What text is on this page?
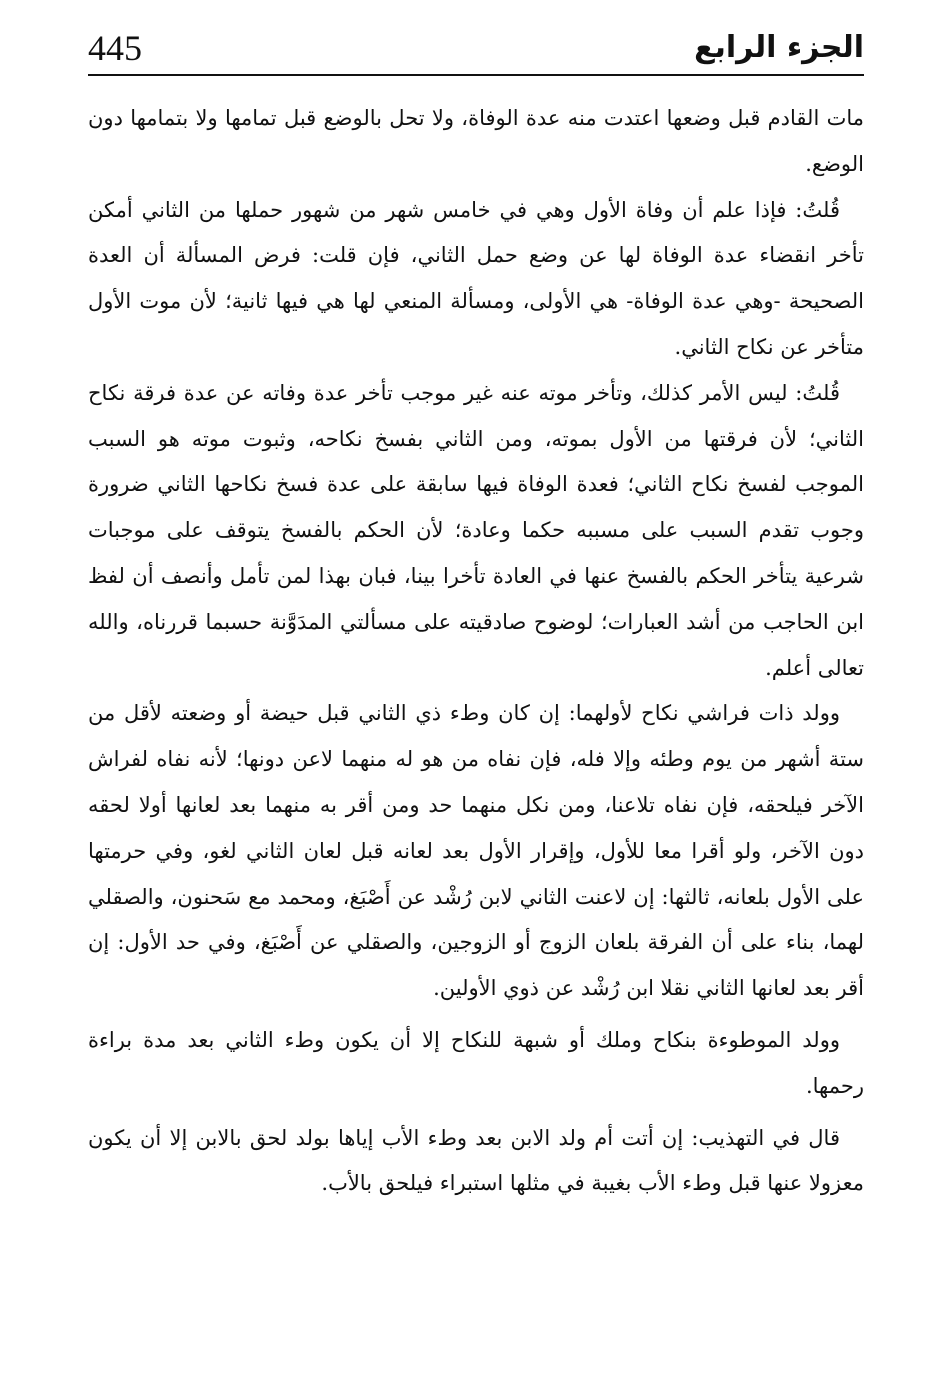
445	الجزء الرابع

مات القادم قبل وضعها اعتدت منه عدة الوفاة، ولا تحل بالوضع قبل تمامها ولا بتمامها دون الوضع.

قُلتُ: فإذا علم أن وفاة الأول وهي في خامس شهر من شهور حملها من الثاني أمكن تأخر انقضاء عدة الوفاة لها عن وضع حمل الثاني، فإن قلت: فرض المسألة أن العدة الصحيحة -وهي عدة الوفاة- هي الأولى، ومسألة المنعي لها هي فيها ثانية؛ لأن موت الأول متأخر عن نكاح الثاني.

قُلتُ: ليس الأمر كذلك، وتأخر موته عنه غير موجب تأخر عدة وفاته عن عدة فرقة نكاح الثاني؛ لأن فرقتها من الأول بموته، ومن الثاني بفسخ نكاحه، وثبوت موته هو السبب الموجب لفسخ نكاح الثاني؛ فعدة الوفاة فيها سابقة على عدة فسخ نكاحها الثاني ضرورة وجوب تقدم السبب على مسببه حكما وعادة؛ لأن الحكم بالفسخ يتوقف على موجبات شرعية يتأخر الحكم بالفسخ عنها في العادة تأخرا بينا، فبان بهذا لمن تأمل وأنصف أن لفظ ابن الحاجب من أشد العبارات؛ لوضوح صادقيته على مسألتي المدَوَّنة حسبما قررناه، والله تعالى أعلم.

وولد ذات فراشي نكاح لأولهما: إن كان وطء ذي الثاني قبل حيضة أو وضعته لأقل من ستة أشهر من يوم وطئه وإلا فله، فإن نفاه من هو له منهما لاعن دونها؛ لأنه نفاه لفراش الآخر فيلحقه، فإن نفاه تلاعنا، ومن نكل منهما حد ومن أقر به منهما بعد لعانها أولا لحقه دون الآخر، ولو أقرا معا للأول، وإقرار الأول بعد لعانه قبل لعان الثاني لغو، وفي حرمتها على الأول بلعانه، ثالثها: إن لاعنت الثاني لابن رُشْد عن أَصْبَغ، ومحمد مع سَحنون، والصقلي لهما، بناء على أن الفرقة بلعان الزوج أو الزوجين، والصقلي عن أَصْبَغ، وفي حد الأول: إن أقر بعد لعانها الثاني نقلا ابن رُشْد عن ذوي الأولين.

وولد الموطوءة بنكاح وملك أو شبهة للنكاح إلا أن يكون وطء الثاني بعد مدة براءة رحمها.

قال في التهذيب: إن أتت أم ولد الابن بعد وطء الأب إياها بولد لحق بالابن إلا أن يكون معزولا عنها قبل وطء الأب بغيبة في مثلها استبراء فيلحق بالأب.
